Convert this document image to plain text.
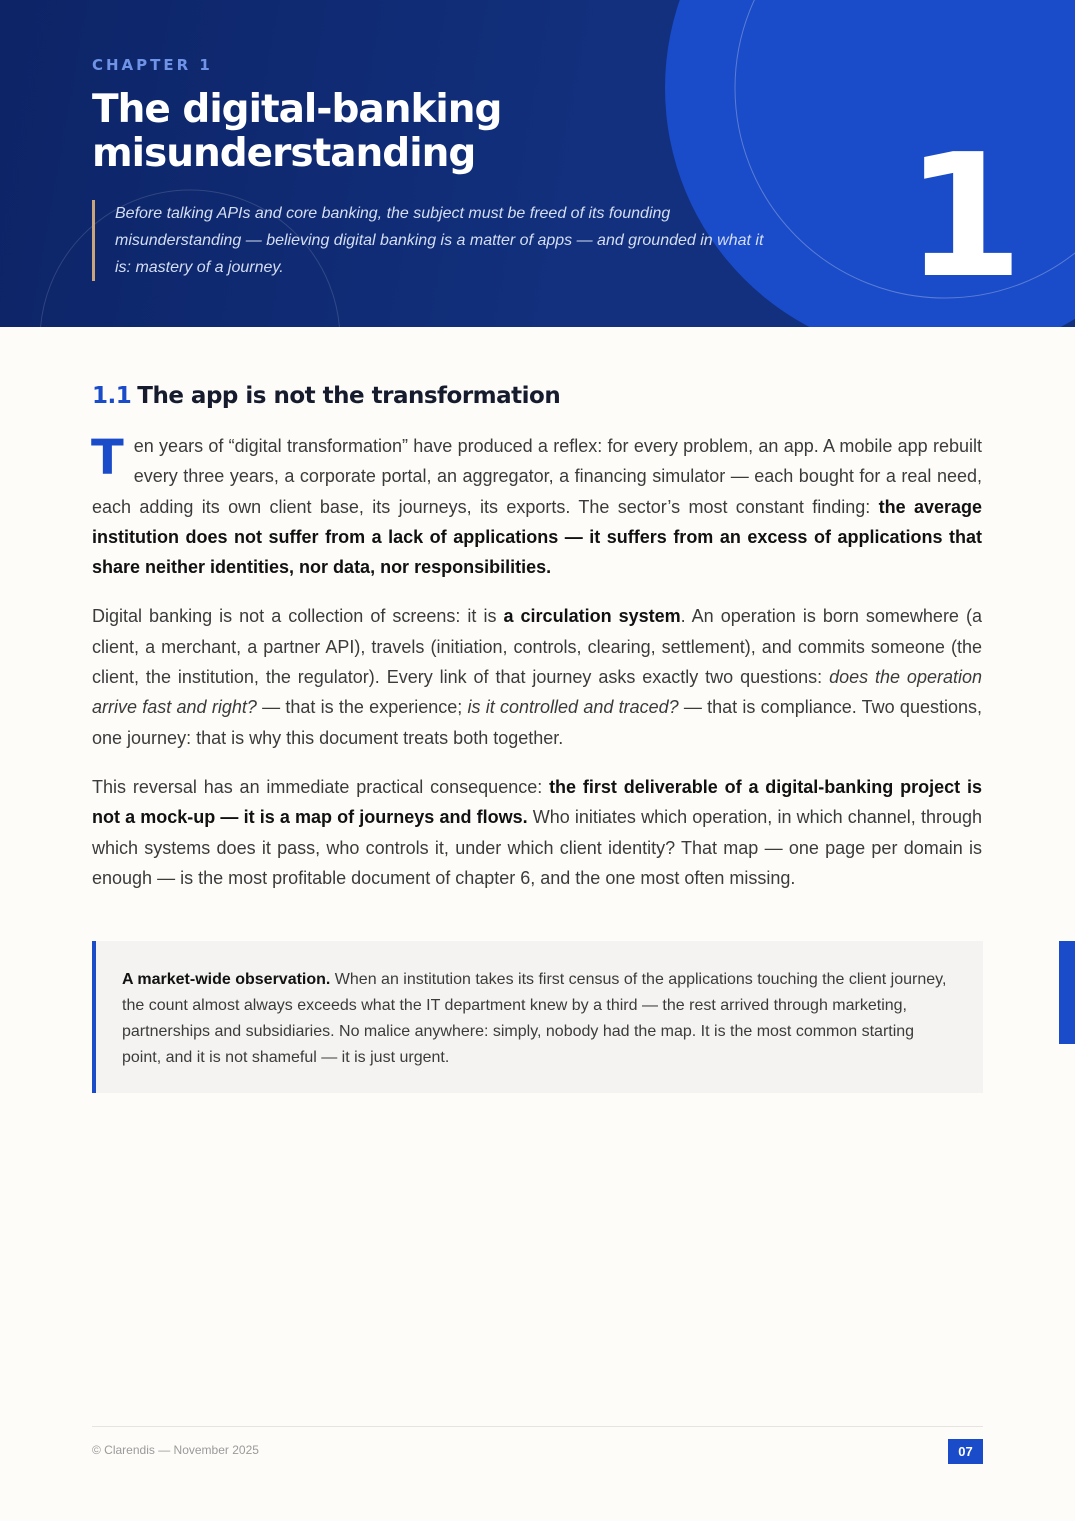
CHAPTER 1
The digital-banking
misunderstanding
Before talking APIs and core banking, the subject must be freed of its founding misunderstanding — believing digital banking is a matter of apps — and grounded in what it is: mastery of a journey.	1
1.1 The app is not the transformation

Ten years of “digital transformation” have produced a reflex: for every problem, an app. A mobile app rebuilt every three years, a corporate portal, an aggregator, a financing simulator — each bought for a real need, each adding its own client base, its journeys, its exports. The sector’s most constant finding: the average institution does not suffer from a lack of applications — it suffers from an excess of applications that share neither identities, nor data, nor responsibilities.

Digital banking is not a collection of screens: it is a circulation system. An operation is born somewhere (a client, a merchant, a partner API), travels (initiation, controls, clearing, settlement), and commits someone (the client, the institution, the regulator). Every link of that journey asks exactly two questions: does the operation arrive fast and right? — that is the experience; is it controlled and traced? — that is compliance. Two questions, one journey: that is why this document treats both together.

This reversal has an immediate practical consequence: the first deliverable of a digital-banking project is not a mock-up — it is a map of journeys and flows. Who initiates which operation, in which channel, through which systems does it pass, who controls it, under which client identity? That map — one page per domain is enough — is the most profitable document of chapter 6, and the one most often missing.

A market-wide observation. When an institution takes its first census of the applications touching the client journey, the count almost always exceeds what the IT department knew by a third — the rest arrived through marketing, partnerships and subsidiaries. No malice anywhere: simply, nobody had the map. It is the most common starting point, and it is not shameful — it is just urgent.
© Clarendis — November 2025	07
